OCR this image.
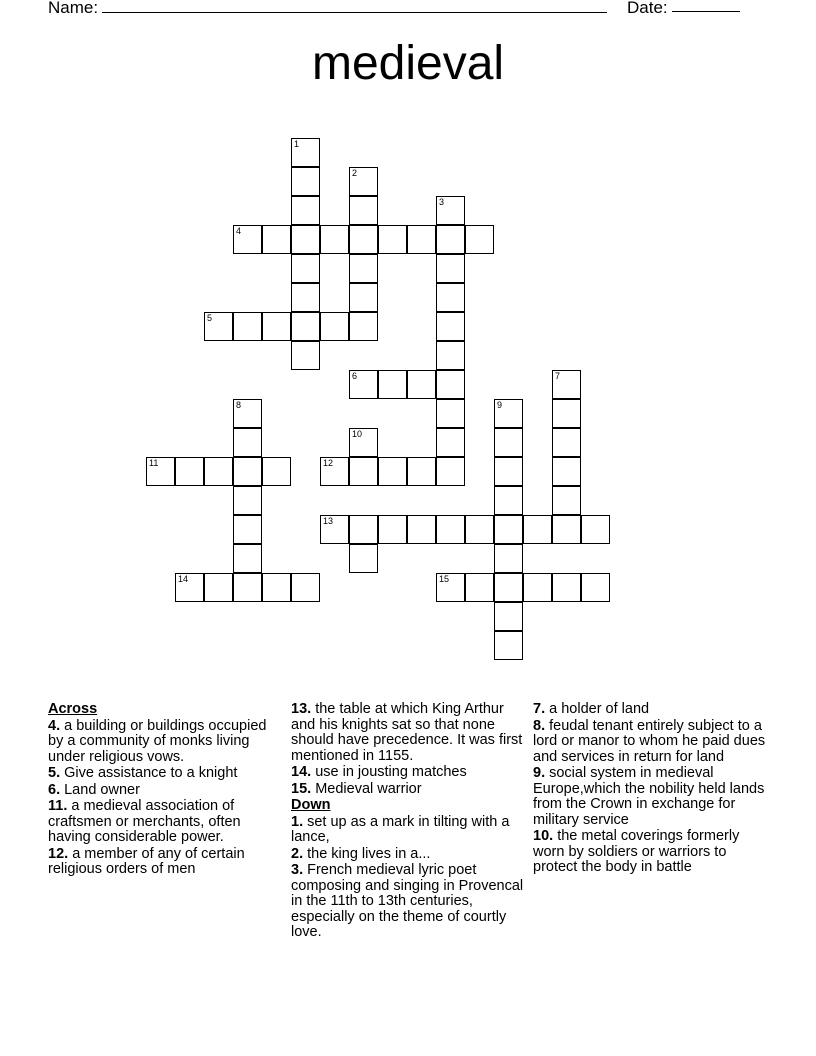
Name:	Date:
medieval
1
2
3
4
5
6	7
8	9
10
11	12
13
14	15
Across
4. a building or buildings occupied by a community of monks living under religious vows.
5. Give assistance to a knight
6. Land owner
11. a medieval association of craftsmen or merchants, often having considerable power.
12. a member of any of certain religious orders of men
13. the table at which King Arthur and his knights sat so that none should have precedence. It was first mentioned in 1155.
14. use in jousting matches
15. Medieval warrior
Down
1. set up as a mark in tilting with a lance,
2. the king lives in a...
3. French medieval lyric poet composing and singing in Provencal in the 11th to 13th centuries, especially on the theme of courtly love.
7. a holder of land
8. feudal tenant entirely subject to a lord or manor to whom he paid dues and services in return for land
9. social system in medieval Europe,which the nobility held lands from the Crown in exchange for military service
10. the metal coverings formerly worn by soldiers or warriors to protect the body in battle
